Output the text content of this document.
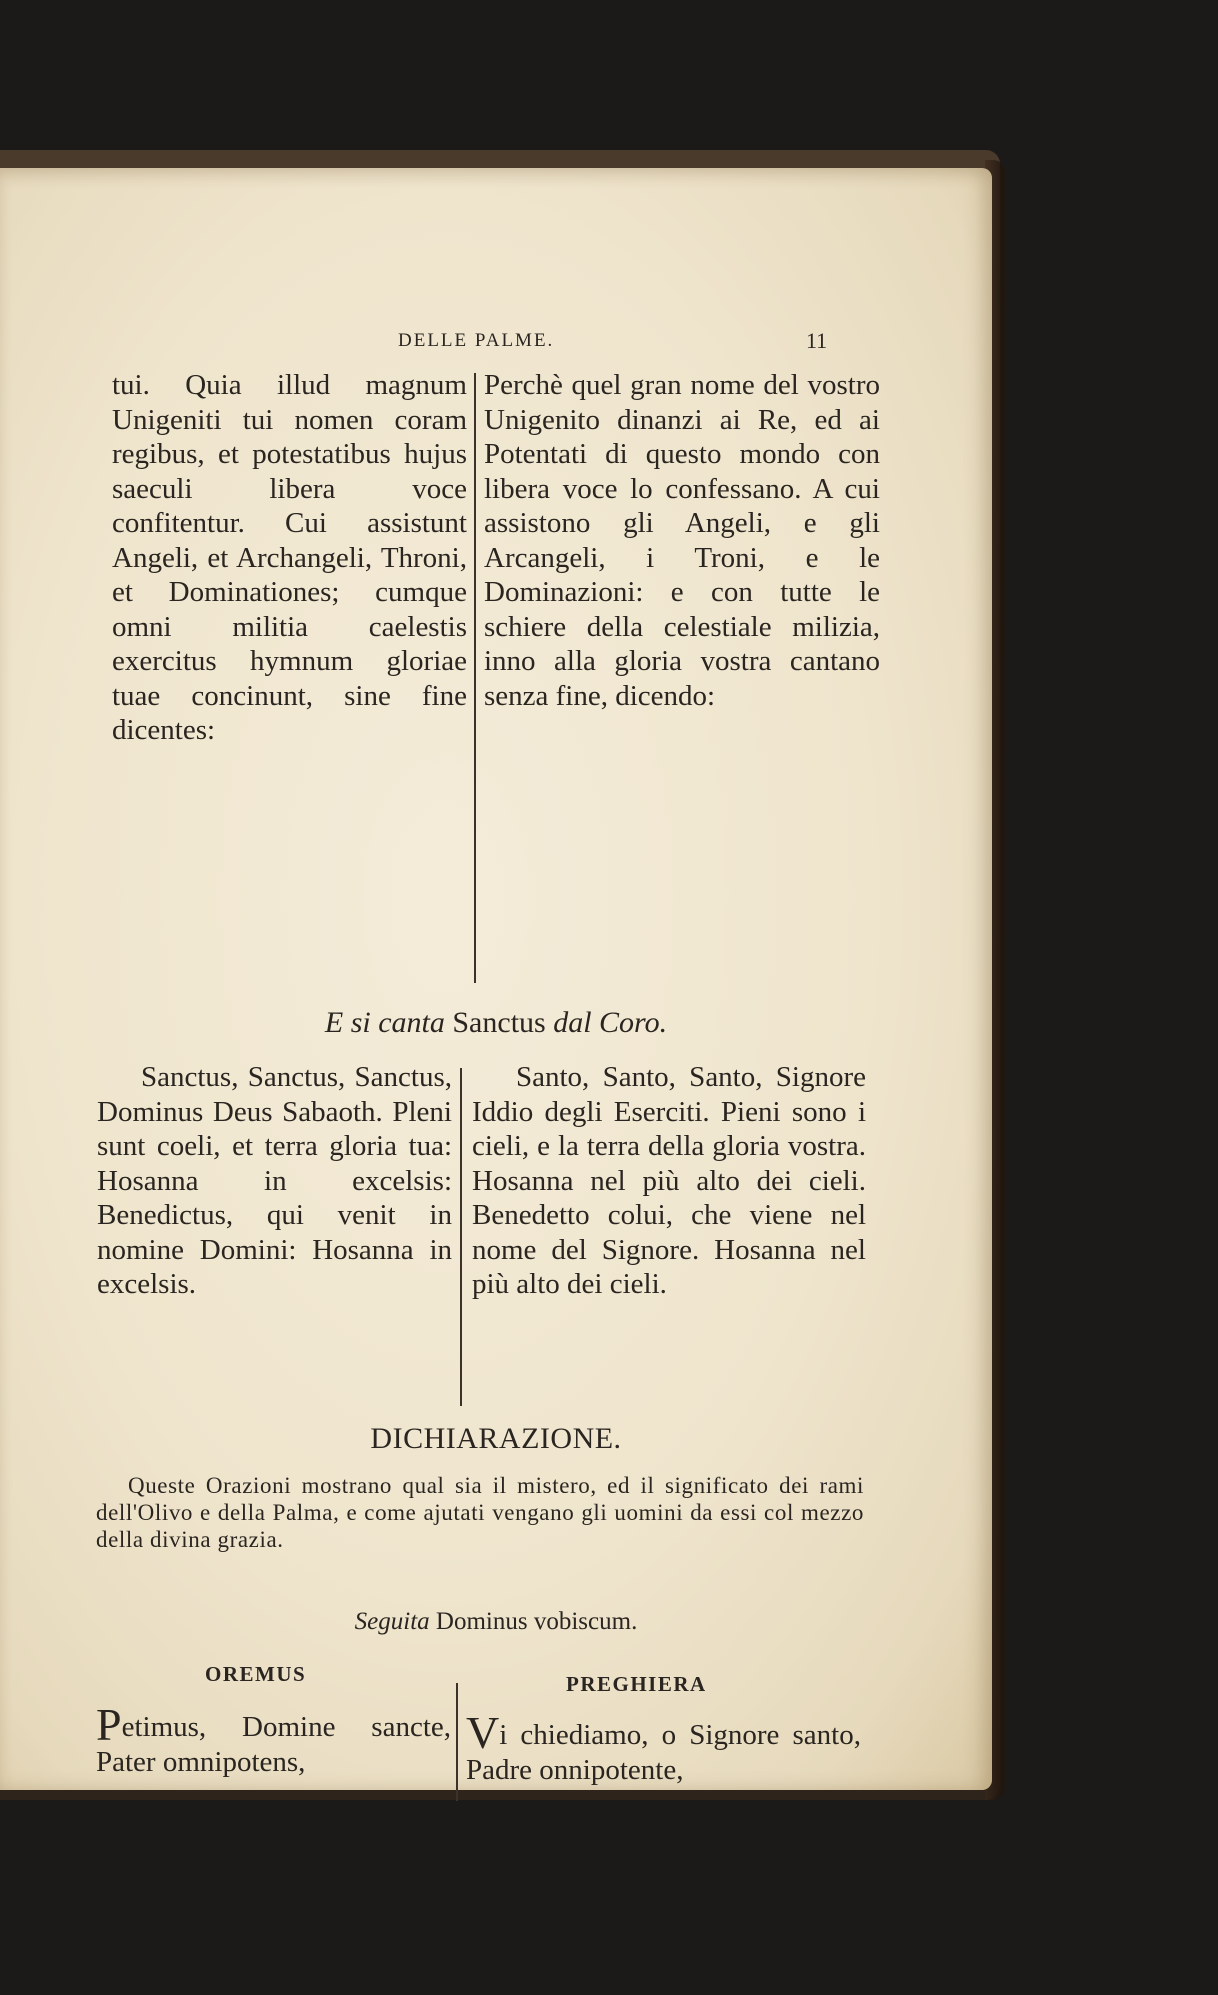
DELLE PALME.	11

tui. Quia illud magnum Unigeniti tui nomen coram regibus, et potestatibus hujus saeculi libera voce confitentur. Cui assistunt Angeli, et Archangeli, Throni, et Dominationes; cumque omni militia caelestis exercitus hymnum gloriae tuae concinunt, sine fine dicentes:

Perchè quel gran nome del vostro Unigenito dinanzi ai Re, ed ai Potentati di questo mondo con libera voce lo confessano. A cui assistono gli Angeli, e gli Arcangeli, i Troni, e le Dominazioni: e con tutte le schiere della celestiale milizia, inno alla gloria vostra cantano senza fine, dicendo:

E si canta Sanctus dal Coro.

Sanctus, Sanctus, Sanctus, Dominus Deus Sabaoth. Pleni sunt coeli, et terra gloria tua: Hosanna in excelsis: Benedictus, qui venit in nomine Domini: Hosanna in excelsis.

Santo, Santo, Santo, Signore Iddio degli Eserciti. Pieni sono i cieli, e la terra della gloria vostra. Hosanna nel più alto dei cieli. Benedetto colui, che viene nel nome del Signore. Hosanna nel più alto dei cieli.

DICHIARAZIONE.
Queste Orazioni mostrano qual sia il mistero, ed il significato dei rami dell'Olivo e della Palma, e come ajutati vengano gli uomini da essi col mezzo della divina grazia.
Seguita Dominus vobiscum.
OREMUS	PREGHIERA

Petimus, Domine sancte, Pater omnipotens,

Vi chiediamo, o Signore santo, Padre onnipotente,
